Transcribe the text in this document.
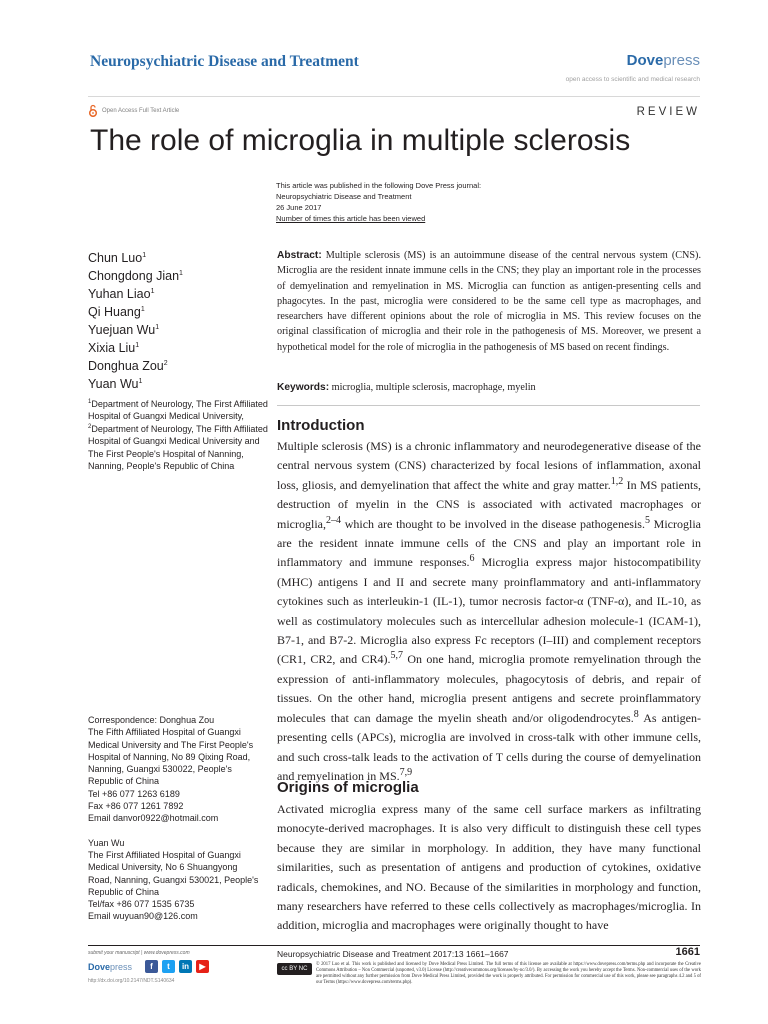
Neuropsychiatric Disease and Treatment	Dovepress
open access to scientific and medical research
Open Access Full Text Article	REVIEW
The role of microglia in multiple sclerosis
This article was published in the following Dove Press journal:
Neuropsychiatric Disease and Treatment
26 June 2017
Number of times this article has been viewed
Chun Luo$^1$
Chongdong Jian$^1$
Yuhan Liao$^1$
Qi Huang$^1$
Yuejuan Wu$^1$
Xixia Liu$^1$
Donghua Zou$^2$
Yuan Wu$^1$
$^1$Department of Neurology, The First Affiliated Hospital of Guangxi Medical University, $^2$Department of Neurology, The Fifth Affiliated Hospital of Guangxi Medical University and The First People's Hospital of Nanning, Nanning, People's Republic of China
Correspondence: Donghua Zou
The Fifth Affiliated Hospital of Guangxi
Medical University and The First People's
Hospital of Nanning, No 89 Qixing Road,
Nanning, Guangxi 530022, People's
Republic of China
Tel +86 077 1263 6189
Fax +86 077 1261 7892
Email danvor0922@hotmail.com
Yuan Wu
The First Affiliated Hospital of Guangxi
Medical University, No 6 Shuangyong
Road, Nanning, Guangxi 530021, People's
Republic of China
Tel/fax +86 077 1535 6735
Email wuyuan90@126.com
Abstract: Multiple sclerosis (MS) is an autoimmune disease of the central nervous system (CNS). Microglia are the resident innate immune cells in the CNS; they play an important role in the processes of demyelination and remyelination in MS. Microglia can function as antigen-presenting cells and phagocytes. In the past, microglia were considered to be the same cell type as macrophages, and researchers have different opinions about the role of microglia in MS. This review focuses on the original classification of microglia and their role in the pathogenesis of MS. Moreover, we present a hypothetical model for the role of microglia in the pathogenesis of MS based on recent findings.
Keywords: microglia, multiple sclerosis, macrophage, myelin
Introduction
Multiple sclerosis (MS) is a chronic inflammatory and neurodegenerative disease of the central nervous system (CNS) characterized by focal lesions of inflammation, axonal loss, gliosis, and demyelination that affect the white and gray matter.$^{1,2}$ In MS patients, destruction of myelin in the CNS is associated with activated macrophages or microglia,$^{2-4}$ which are thought to be involved in the disease pathogenesis.$^5$ Microglia are the resident innate immune cells of the CNS and play an important role in inflammatory and immune responses.$^6$ Microglia express major histocompatibility (MHC) antigens I and II and secrete many proinflammatory and anti-inflammatory cytokines such as interleukin-1 (IL-1), tumor necrosis factor-α (TNF-α), and IL-10, as well as costimulatory molecules such as intercellular adhesion molecule-1 (ICAM-1), B7-1, and B7-2. Microglia also express Fc receptors (I–III) and complement receptors (CR1, CR2, and CR4).$^{5,7}$ On one hand, microglia promote remyelination through the expression of anti-inflammatory molecules, phagocytosis of debris, and repair of tissues. On the other hand, microglia present antigens and secrete proinflammatory molecules that can damage the myelin sheath and/or oligodendrocytes.$^8$ As antigen-presenting cells (APCs), microglia are involved in cross-talk with other immune cells, and such cross-talk leads to the activation of T cells during the course of demyelination and remyelination in MS.$^{7,9}$
Origins of microglia
Activated microglia express many of the same cell surface markers as infiltrating monocyte-derived macrophages. It is also very difficult to distinguish these cell types because they are similar in morphology. In addition, they have many functional similarities, such as presentation of antigens and production of cytokines, oxidative radicals, chemokines, and NO. Because of the similarities in morphology and function, many researchers have referred to these cells collectively as macrophages/microglia. In addition, microglia and macrophages were originally thought to have
submit your manuscript | www.dovepress.com
Dovepress	f	t	in	▶
http://dx.doi.org/10.2147/NDT.S140634
Neuropsychiatric Disease and Treatment 2017:13 1661–1667	1661
cc BY NC
© 2017 Luo et al. This work is published and licensed by Dove Medical Press Limited. The full terms of this license are available at https://www.dovepress.com/terms.php and incorporate the Creative Commons Attribution – Non Commercial (unported, v3.0) License (http://creativecommons.org/licenses/by-nc/3.0/). By accessing the work you hereby accept the Terms. Non-commercial uses of the work are permitted without any further permission from Dove Medical Press Limited, provided the work is properly attributed. For permission for commercial use of this work, please see paragraphs 4.2 and 5 of our Terms (https://www.dovepress.com/terms.php).
